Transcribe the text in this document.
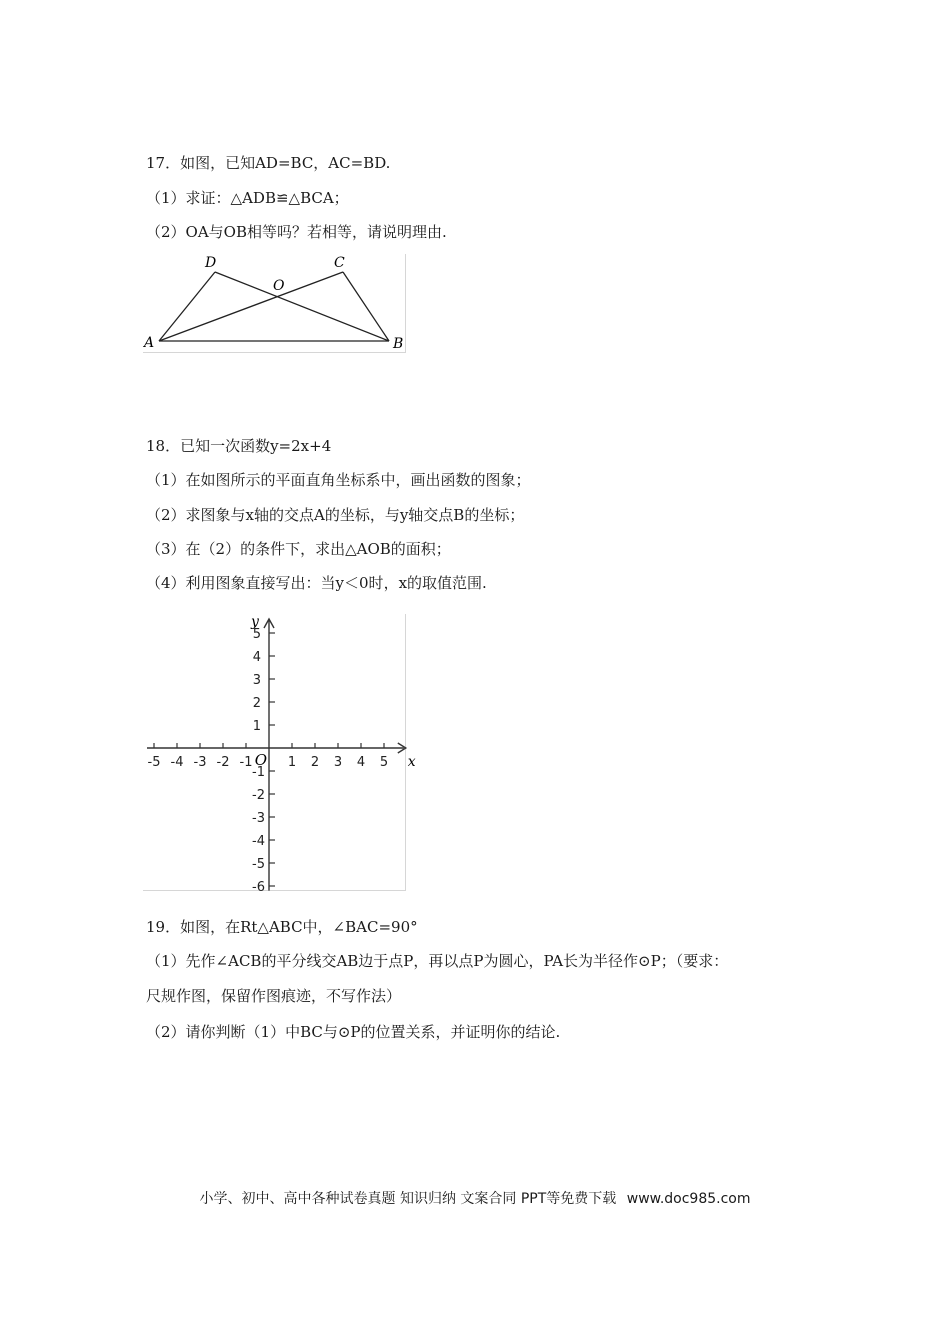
17．如图，已知AD=BC，AC=BD.
（1）求证：△ADB≌△BCA；
（2）OA与OB相等吗？若相等，请说明理由.
A	B
C
D
O
18．已知一次函数y=2x+4
（1）在如图所示的平面直角坐标系中，画出函数的图象；
（2）求图象与x轴的交点A的坐标，与y轴交点B的坐标；
（3）在（2）的条件下，求出△AOB的面积；
（4）利用图象直接写出：当y＜0时，x的取值范围.
-5 -4 -3 -2 -1	1 2 3 4 5
1
2
3
4
5
-1
-2
-3
-4
-5
-6
x
y
O
19．如图，在Rt△ABC中，∠BAC=90°
（1）先作∠ACB的平分线交AB边于点P，再以点P为圆心，PA长为半径作⊙P；（要求：
尺规作图，保留作图痕迹，不写作法）
（2）请你判断（1）中BC与⊙P的位置关系，并证明你的结论.
小学、初中、高中各种试卷真题 知识归纳 文案合同 PPT等免费下载 www.doc985.com
